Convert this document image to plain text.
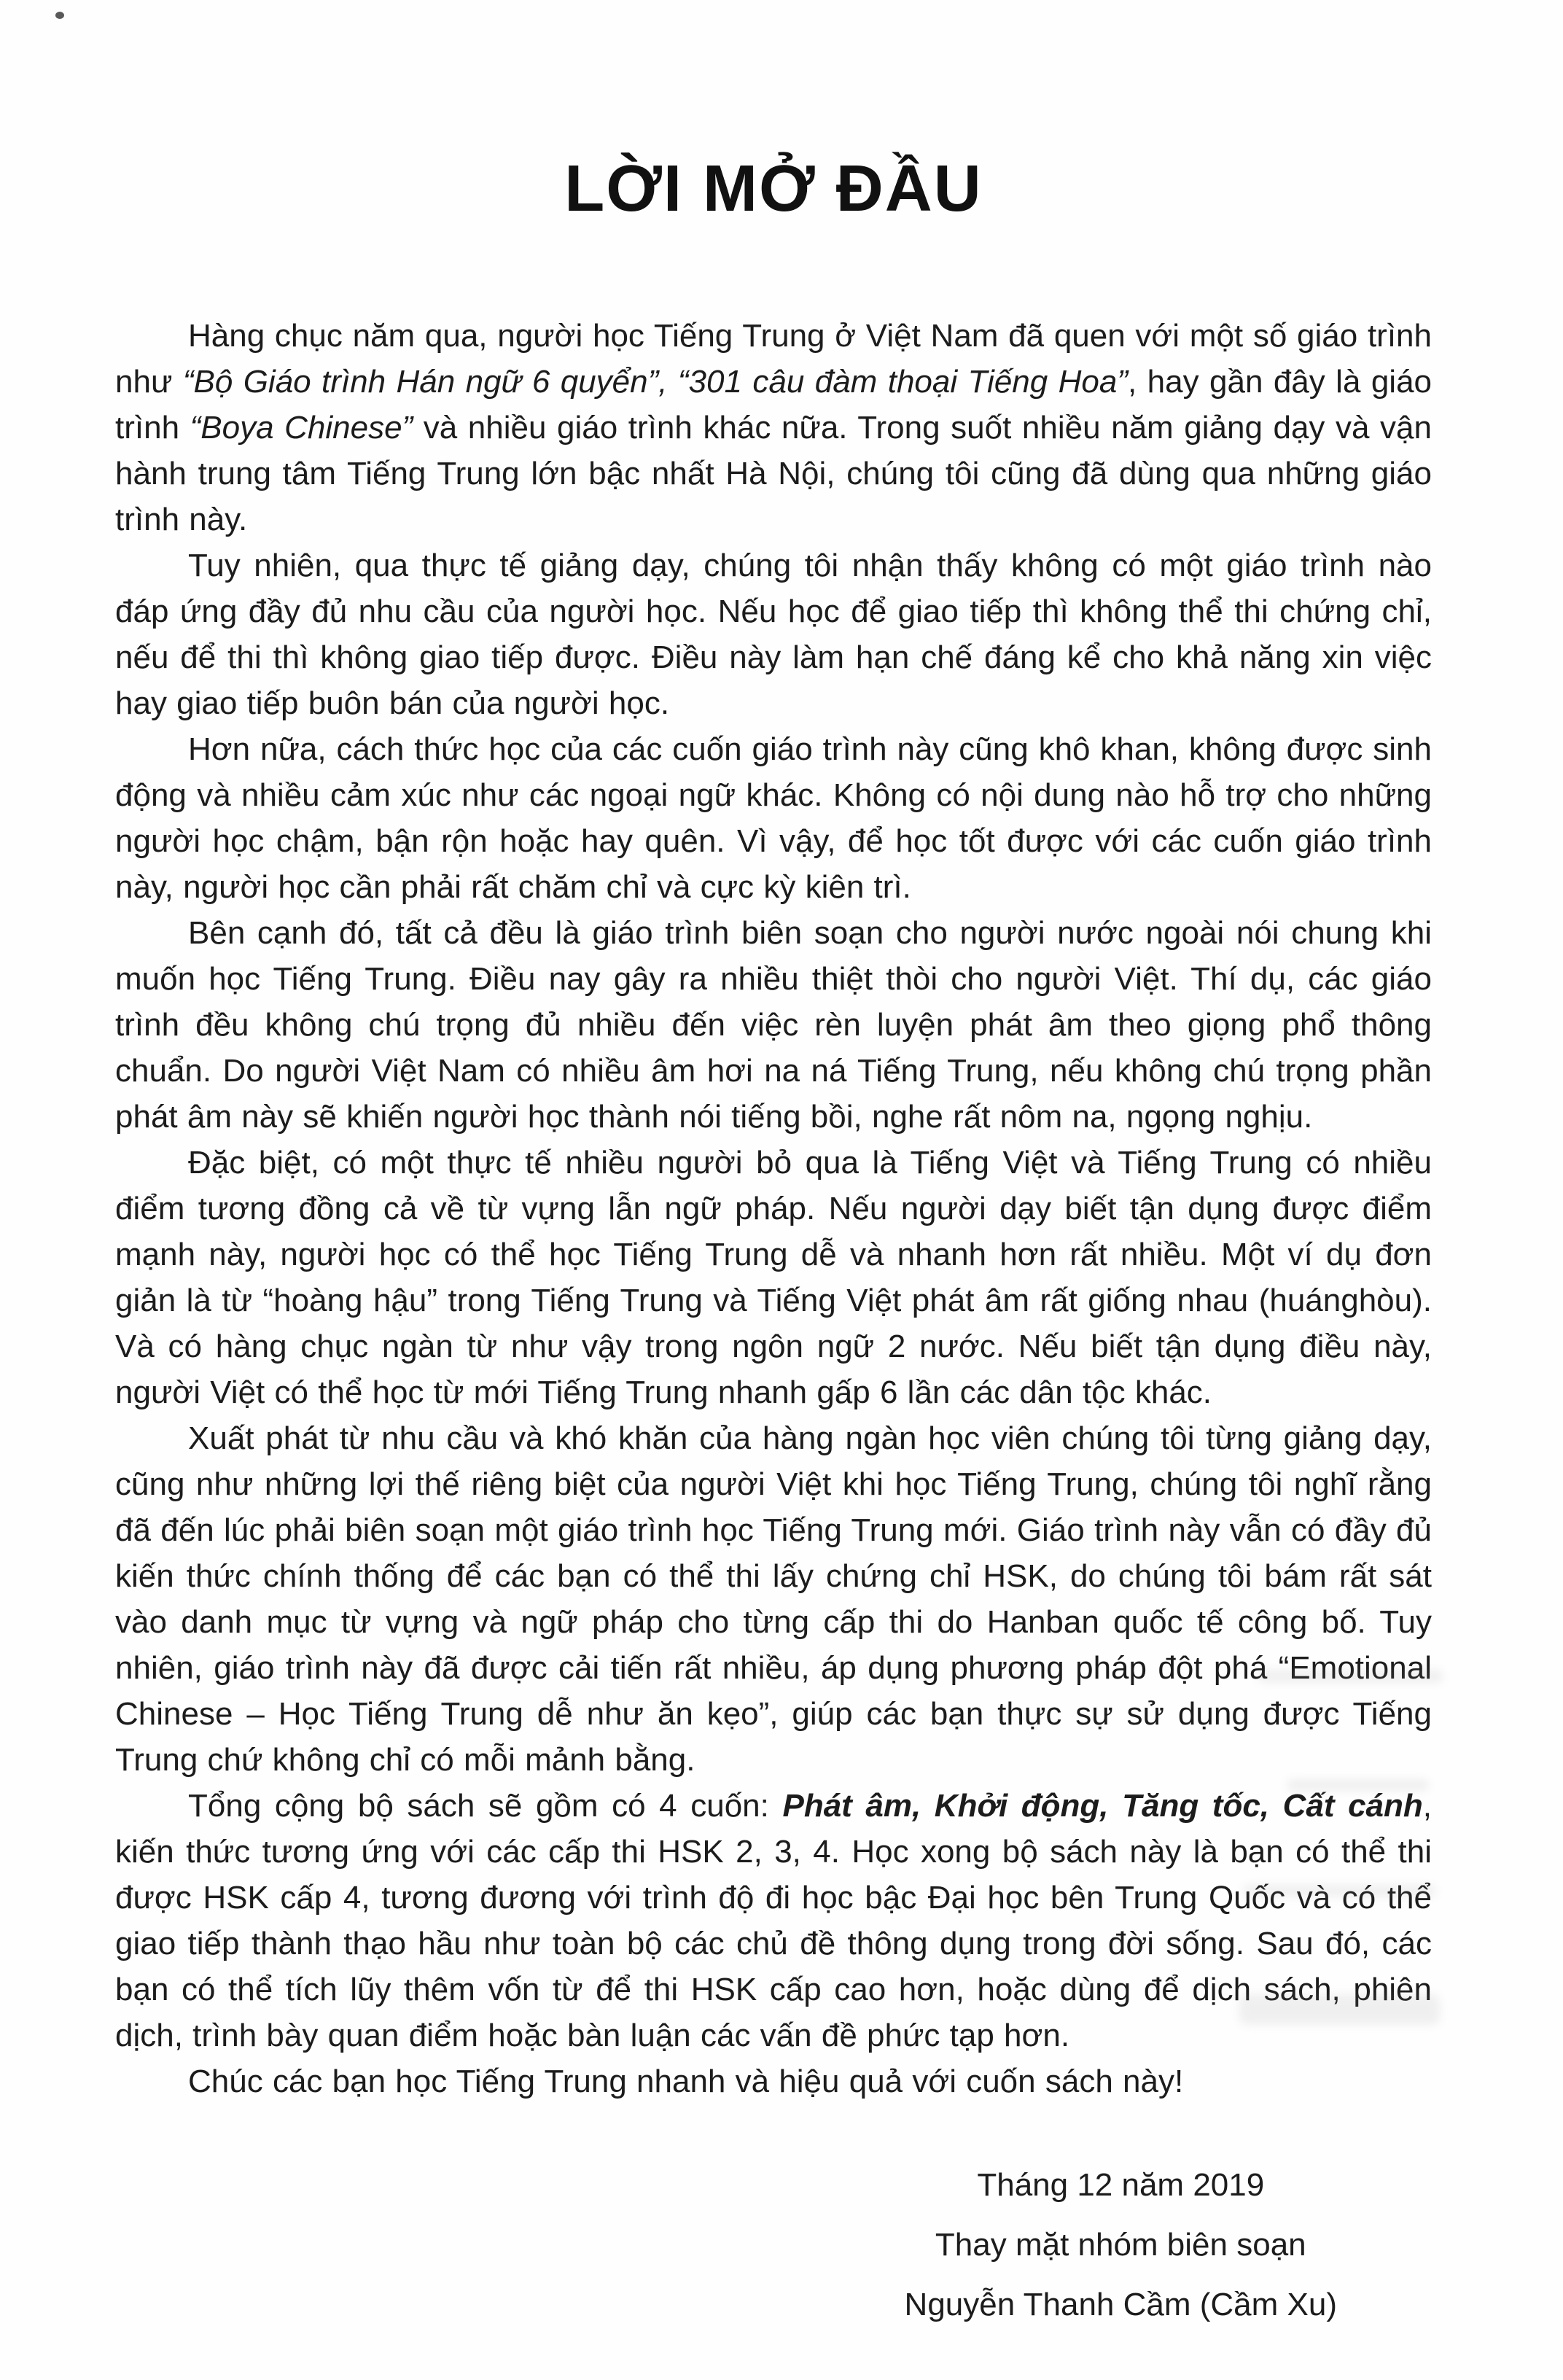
LỜI MỞ ĐẦU

Hàng chục năm qua, người học Tiếng Trung ở Việt Nam đã quen với một số giáo trình như “Bộ Giáo trình Hán ngữ 6 quyển”, “301 câu đàm thoại Tiếng Hoa”, hay gần đây là giáo trình “Boya Chinese” và nhiều giáo trình khác nữa. Trong suốt nhiều năm giảng dạy và vận hành trung tâm Tiếng Trung lớn bậc nhất Hà Nội, chúng tôi cũng đã dùng qua những giáo trình này.

Tuy nhiên, qua thực tế giảng dạy, chúng tôi nhận thấy không có một giáo trình nào đáp ứng đầy đủ nhu cầu của người học. Nếu học để giao tiếp thì không thể thi chứng chỉ, nếu để thi thì không giao tiếp được. Điều này làm hạn chế đáng kể cho khả năng xin việc hay giao tiếp buôn bán của người học.

Hơn nữa, cách thức học của các cuốn giáo trình này cũng khô khan, không được sinh động và nhiều cảm xúc như các ngoại ngữ khác. Không có nội dung nào hỗ trợ cho những người học chậm, bận rộn hoặc hay quên. Vì vậy, để học tốt được với các cuốn giáo trình này, người học cần phải rất chăm chỉ và cực kỳ kiên trì.

Bên cạnh đó, tất cả đều là giáo trình biên soạn cho người nước ngoài nói chung khi muốn học Tiếng Trung. Điều nay gây ra nhiều thiệt thòi cho người Việt. Thí dụ, các giáo trình đều không chú trọng đủ nhiều đến việc rèn luyện phát âm theo giọng phổ thông chuẩn. Do người Việt Nam có nhiều âm hơi na ná Tiếng Trung, nếu không chú trọng phần phát âm này sẽ khiến người học thành nói tiếng bồi, nghe rất nôm na, ngọng nghịu.

Đặc biệt, có một thực tế nhiều người bỏ qua là Tiếng Việt và Tiếng Trung có nhiều điểm tương đồng cả về từ vựng lẫn ngữ pháp. Nếu người dạy biết tận dụng được điểm mạnh này, người học có thể học Tiếng Trung dễ và nhanh hơn rất nhiều. Một ví dụ đơn giản là từ “hoàng hậu” trong Tiếng Trung và Tiếng Việt phát âm rất giống nhau (huánghòu). Và có hàng chục ngàn từ như vậy trong ngôn ngữ 2 nước. Nếu biết tận dụng điều này, người Việt có thể học từ mới Tiếng Trung nhanh gấp 6 lần các dân tộc khác.

Xuất phát từ nhu cầu và khó khăn của hàng ngàn học viên chúng tôi từng giảng dạy, cũng như những lợi thế riêng biệt của người Việt khi học Tiếng Trung, chúng tôi nghĩ rằng đã đến lúc phải biên soạn một giáo trình học Tiếng Trung mới. Giáo trình này vẫn có đầy đủ kiến thức chính thống để các bạn có thể thi lấy chứng chỉ HSK, do chúng tôi bám rất sát vào danh mục từ vựng và ngữ pháp cho từng cấp thi do Hanban quốc tế công bố. Tuy nhiên, giáo trình này đã được cải tiến rất nhiều, áp dụng phương pháp đột phá “Emotional Chinese – Học Tiếng Trung dễ như ăn kẹo”, giúp các bạn thực sự sử dụng được Tiếng Trung chứ không chỉ có mỗi mảnh bằng.

Tổng cộng bộ sách sẽ gồm có 4 cuốn: Phát âm, Khởi động, Tăng tốc, Cất cánh, kiến thức tương ứng với các cấp thi HSK 2, 3, 4. Học xong bộ sách này là bạn có thể thi được HSK cấp 4, tương đương với trình độ đi học bậc Đại học bên Trung Quốc và có thể giao tiếp thành thạo hầu như toàn bộ các chủ đề thông dụng trong đời sống. Sau đó, các bạn có thể tích lũy thêm vốn từ để thi HSK cấp cao hơn, hoặc dùng để dịch sách, phiên dịch, trình bày quan điểm hoặc bàn luận các vấn đề phức tạp hơn.

Chúc các bạn học Tiếng Trung nhanh và hiệu quả với cuốn sách này!

Tháng 12 năm 2019
Thay mặt nhóm biên soạn
Nguyễn Thanh Cầm (Cầm Xu)
